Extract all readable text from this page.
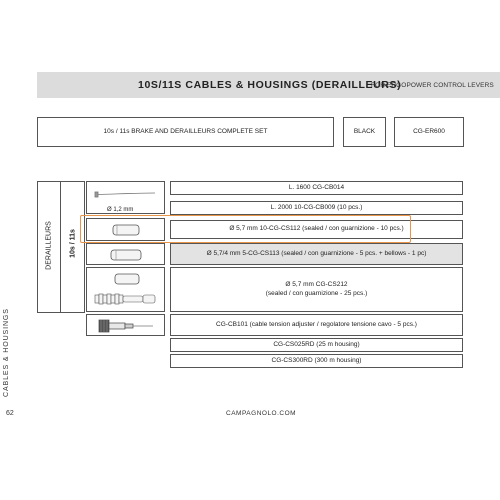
10S/11S CABLES & HOUSINGS (DERAILLEURS)
FOR ERGOPOWER CONTROL LEVERS
10s / 11s BRAKE AND DERAILLEURS COMPLETE SET	BLACK	CG-ER600
DERAILLEURS 10s / 11s
Ø 1,2 mm
L. 1600 CG-CB014
L. 2000 10-CG-CB009 (10 pcs.)
Ø 5,7 mm 10-CG-CS112 (sealed / con guarnizione - 10 pcs.)
Ø 5,7/4 mm 5-CG-CS113 (sealed / con guarnizione - 5 pcs. + bellows - 1 pc)
Ø 5,7 mm CG-CS212
(sealed / con guarnizione - 25 pcs.)
CG-CB101 (cable tension adjuster / regolatore tensione cavo - 5 pcs.)
CG-CS025RD (25 m housing)
CG-CS300RD (300 m housing)
CABLES & HOUSINGS
62	CAMPAGNOLO.COM
